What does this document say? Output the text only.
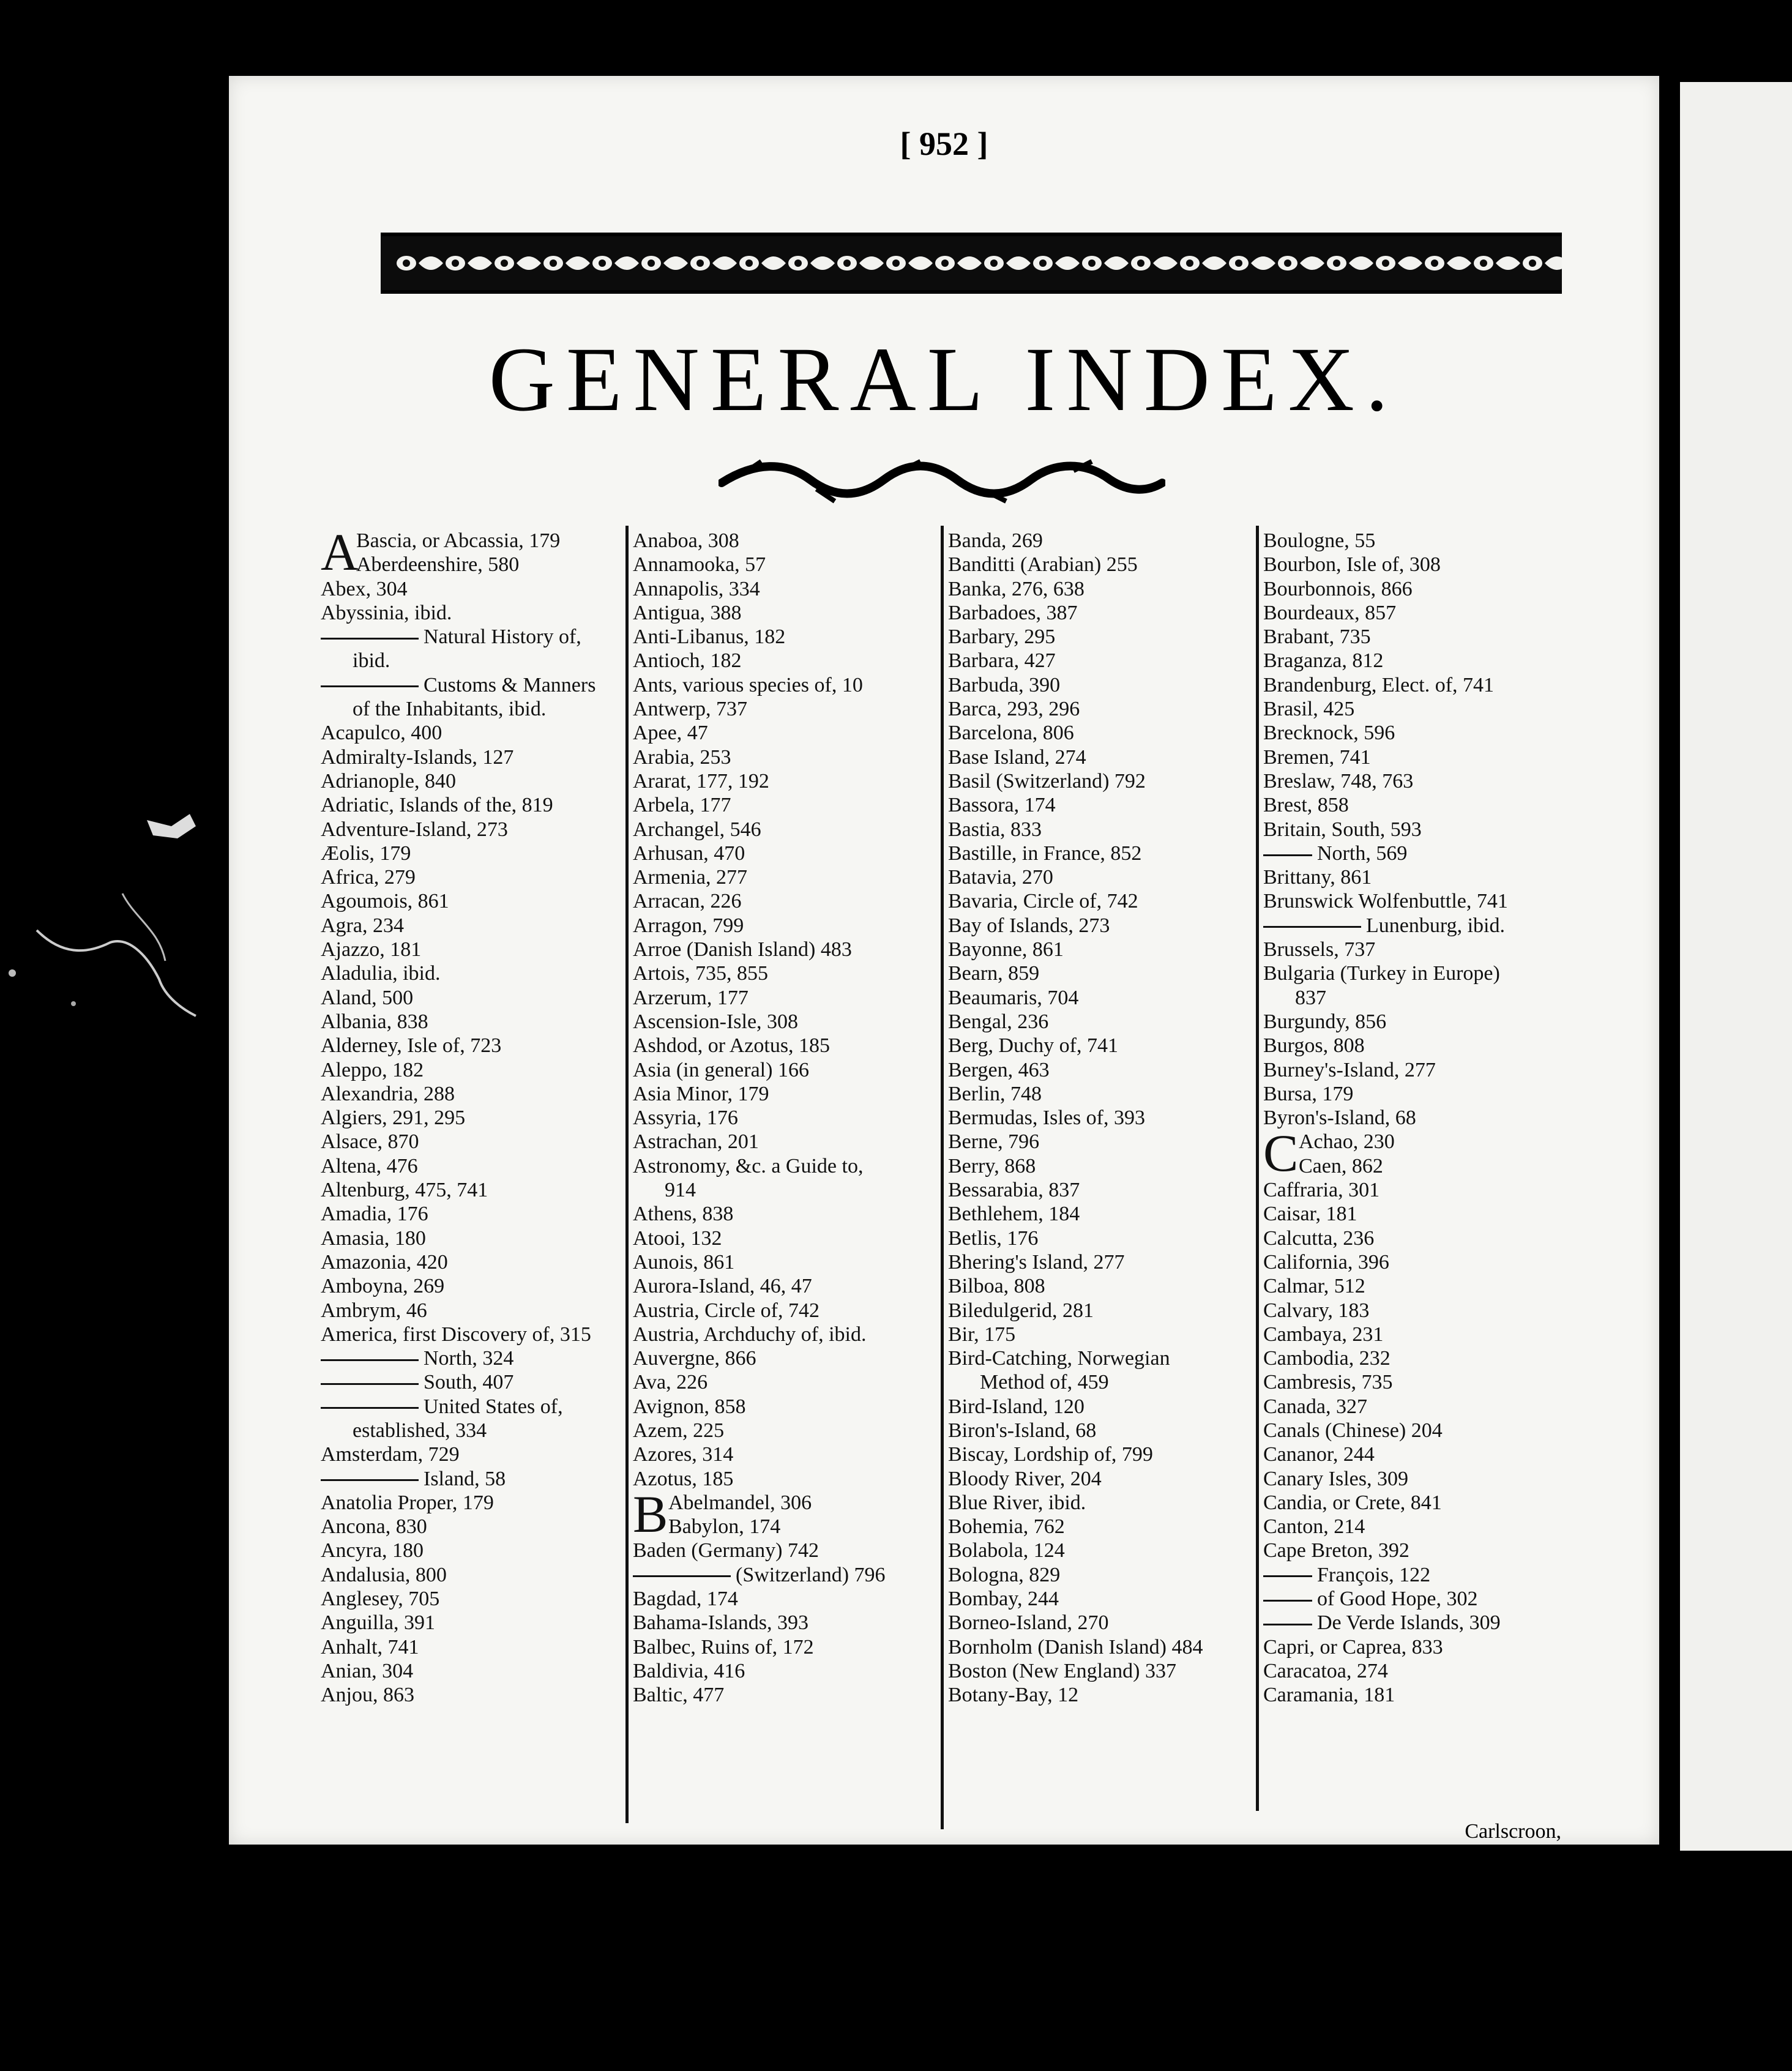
[ 952 ]
GENERAL INDEX.
A
Bascia, or Abcassia, 179
Aberdeenshire, 580
Abex, 304
Abyssinia, ibid.
Natural History of,
ibid.
Customs & Manners
of the Inhabitants, ibid.
Acapulco, 400
Admiralty-Islands, 127
Adrianople, 840
Adriatic, Islands of the, 819
Adventure-Island, 273
Æolis, 179
Africa, 279
Agoumois, 861
Agra, 234
Ajazzo, 181
Aladulia, ibid.
Aland, 500
Albania, 838
Alderney, Isle of, 723
Aleppo, 182
Alexandria, 288
Algiers, 291, 295
Alsace, 870
Altena, 476
Altenburg, 475, 741
Amadia, 176
Amasia, 180
Amazonia, 420
Amboyna, 269
Ambrym, 46
America, first Discovery of, 315
North, 324
South, 407
United States of,
established, 334
Amsterdam, 729
Island, 58
Anatolia Proper, 179
Ancona, 830
Ancyra, 180
Andalusia, 800
Anglesey, 705
Anguilla, 391
Anhalt, 741
Anian, 304
Anjou, 863
Anaboa, 308
Annamooka, 57
Annapolis, 334
Antigua, 388
Anti-Libanus, 182
Antioch, 182
Ants, various species of, 10
Antwerp, 737
Apee, 47
Arabia, 253
Ararat, 177, 192
Arbela, 177
Archangel, 546
Arhusan, 470
Armenia, 277
Arracan, 226
Arragon, 799
Arroe (Danish Island) 483
Artois, 735, 855
Arzerum, 177
Ascension-Isle, 308
Ashdod, or Azotus, 185
Asia (in general) 166
Asia Minor, 179
Assyria, 176
Astrachan, 201
Astronomy, &c. a Guide to,
914
Athens, 838
Atooi, 132
Aunois, 861
Aurora-Island, 46, 47
Austria, Circle of, 742
Austria, Archduchy of, ibid.
Auvergne, 866
Ava, 226
Avignon, 858
Azem, 225
Azores, 314
Azotus, 185
B Abelmandel, 306
Babylon, 174
Baden (Germany) 742
(Switzerland) 796
Bagdad, 174
Bahama-Islands, 393
Balbec, Ruins of, 172
Baldivia, 416
Baltic, 477
Banda, 269
Banditti (Arabian) 255
Banka, 276, 638
Barbadoes, 387
Barbary, 295
Barbara, 427
Barbuda, 390
Barca, 293, 296
Barcelona, 806
Base Island, 274
Basil (Switzerland) 792
Bassora, 174
Bastia, 833
Bastille, in France, 852
Batavia, 270
Bavaria, Circle of, 742
Bay of Islands, 273
Bayonne, 861
Bearn, 859
Beaumaris, 704
Bengal, 236
Berg, Duchy of, 741
Bergen, 463
Berlin, 748
Bermudas, Isles of, 393
Berne, 796
Berry, 868
Bessarabia, 837
Bethlehem, 184
Betlis, 176
Bhering's Island, 277
Bilboa, 808
Biledulgerid, 281
Bir, 175
Bird-Catching, Norwegian
Method of, 459
Bird-Island, 120
Biron's-Island, 68
Biscay, Lordship of, 799
Bloody River, 204
Blue River, ibid.
Bohemia, 762
Bolabola, 124
Bologna, 829
Bombay, 244
Borneo-Island, 270
Bornholm (Danish Island) 484
Boston (New England) 337
Botany-Bay, 12
Boulogne, 55
Bourbon, Isle of, 308
Bourbonnois, 866
Bourdeaux, 857
Brabant, 735
Braganza, 812
Brandenburg, Elect. of, 741
Brasil, 425
Brecknock, 596
Bremen, 741
Breslaw, 748, 763
Brest, 858
Britain, South, 593
North, 569
Brittany, 861
Brunswick Wolfenbuttle, 741
Lunenburg, ibid.
Brussels, 737
Bulgaria (Turkey in Europe)
837
Burgundy, 856
Burgos, 808
Burney's-Island, 277
Bursa, 179
Byron's-Island, 68
C Achao, 230
Caen, 862
Caffraria, 301
Caisar, 181
Calcutta, 236
California, 396
Calmar, 512
Calvary, 183
Cambaya, 231
Cambodia, 232
Cambresis, 735
Canada, 327
Canals (Chinese) 204
Cananor, 244
Canary Isles, 309
Candia, or Crete, 841
Canton, 214
Cape Breton, 392
François, 122
of Good Hope, 302
De Verde Islands, 309
Capri, or Caprea, 833
Caracatoa, 274
Caramania, 181
Carlscroon,
